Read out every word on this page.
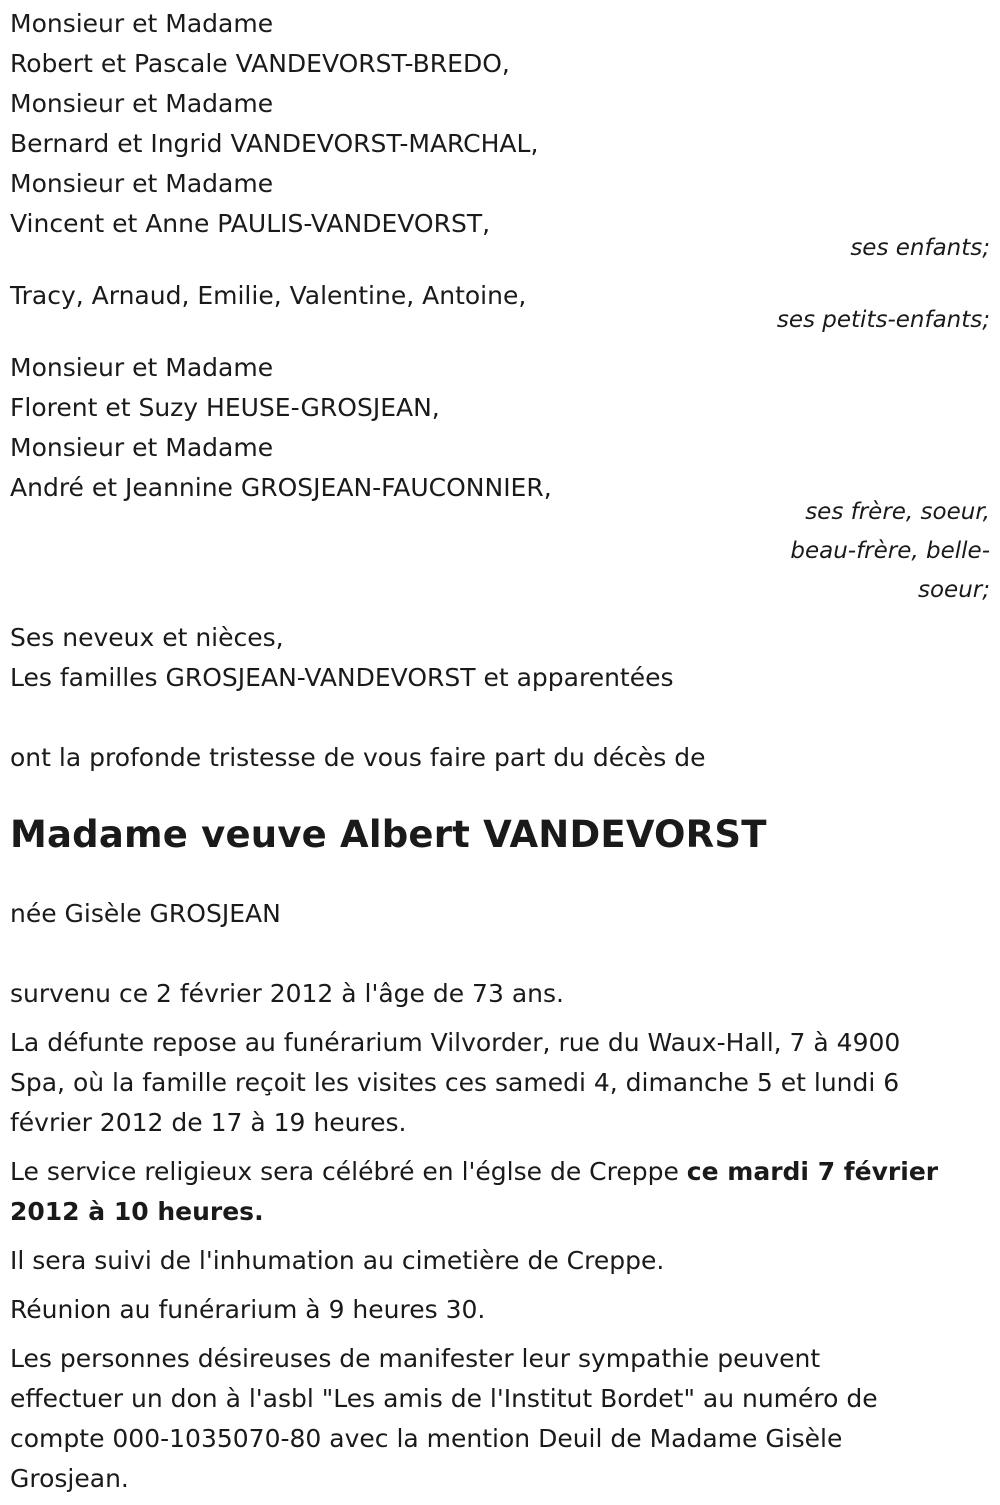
Monsieur et Madame
Robert et Pascale VANDEVORST-BREDO,
Monsieur et Madame
Bernard et Ingrid VANDEVORST-MARCHAL,
Monsieur et Madame
Vincent et Anne PAULIS-VANDEVORST,
ses enfants;
Tracy, Arnaud, Emilie, Valentine, Antoine,
ses petits-enfants;
Monsieur et Madame
Florent et Suzy HEUSE-GROSJEAN,
Monsieur et Madame
André et Jeannine GROSJEAN-FAUCONNIER,
ses frère, soeur,
beau-frère, belle-
soeur;
Ses neveux et nièces,
Les familles GROSJEAN-VANDEVORST et apparentées
ont la profonde tristesse de vous faire part du décès de
Madame veuve Albert VANDEVORST
née Gisèle GROSJEAN
survenu ce 2 février 2012 à l'âge de 73 ans.
La défunte repose au funérarium Vilvorder, rue du Waux-Hall, 7 à 4900
Spa, où la famille reçoit les visites ces samedi 4, dimanche 5 et lundi 6
février 2012 de 17 à 19 heures.
Le service religieux sera célébré en l'églse de Creppe ce mardi 7 février
2012 à 10 heures.
Il sera suivi de l'inhumation au cimetière de Creppe.
Réunion au funérarium à 9 heures 30.
Les personnes désireuses de manifester leur sympathie peuvent
effectuer un don à l'asbl "Les amis de l'Institut Bordet" au numéro de
compte 000-1035070-80 avec la mention Deuil de Madame Gisèle
Grosjean.
